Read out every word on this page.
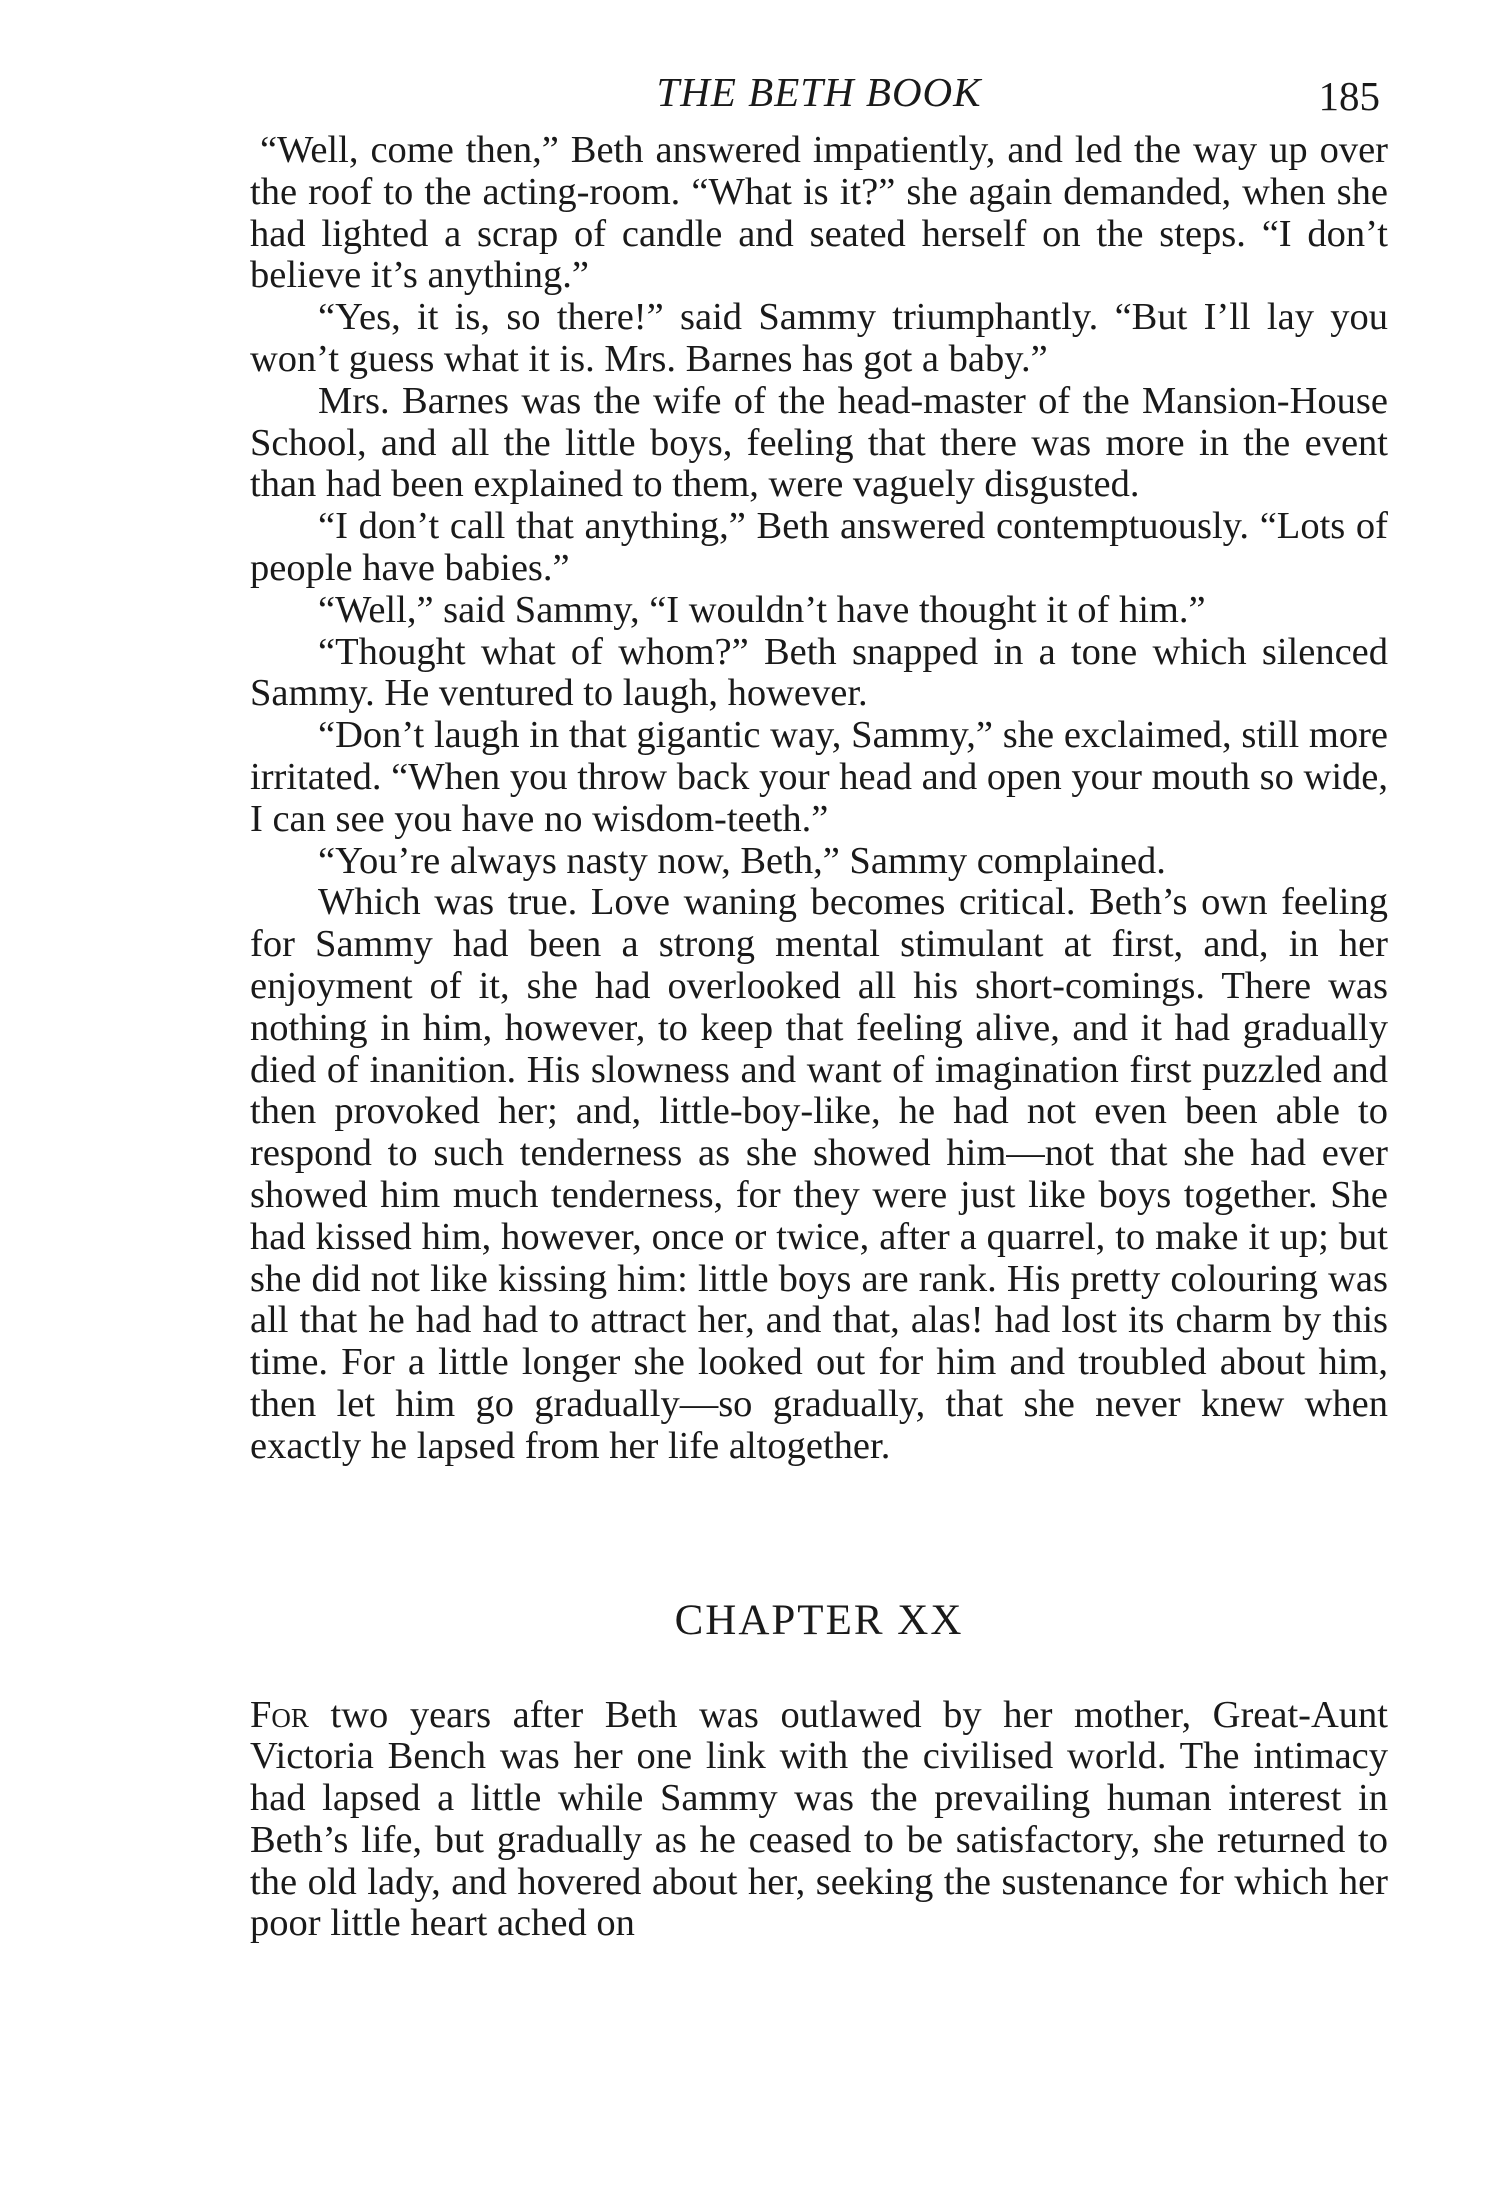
THE BETH BOOK	185

“Well, come then,” Beth answered impatiently, and led the way up over the roof to the acting-room. “What is it?” she again demanded, when she had lighted a scrap of candle and seated herself on the steps. “I don’t believe it’s anything.”

“Yes, it is, so there!” said Sammy triumphantly. “But I’ll lay you won’t guess what it is. Mrs. Barnes has got a baby.”

Mrs. Barnes was the wife of the head-master of the Mansion-House School, and all the little boys, feeling that there was more in the event than had been explained to them, were vaguely disgusted.

“I don’t call that anything,” Beth answered contemptuously. “Lots of people have babies.”

“Well,” said Sammy, “I wouldn’t have thought it of him.”

“Thought what of whom?” Beth snapped in a tone which silenced Sammy. He ventured to laugh, however.

“Don’t laugh in that gigantic way, Sammy,” she exclaimed, still more irritated. “When you throw back your head and open your mouth so wide, I can see you have no wisdom-teeth.”

“You’re always nasty now, Beth,” Sammy complained.

Which was true. Love waning becomes critical. Beth’s own feeling for Sammy had been a strong mental stimulant at first, and, in her enjoyment of it, she had overlooked all his short-comings. There was nothing in him, however, to keep that feeling alive, and it had gradually died of inanition. His slowness and want of imagination first puzzled and then provoked her; and, little-boy-like, he had not even been able to respond to such tenderness as she showed him—not that she had ever showed him much tenderness, for they were just like boys together. She had kissed him, however, once or twice, after a quarrel, to make it up; but she did not like kissing him: little boys are rank. His pretty colouring was all that he had had to attract her, and that, alas! had lost its charm by this time. For a little longer she looked out for him and troubled about him, then let him go gradually—so gradually, that she never knew when exactly he lapsed from her life altogether.

CHAPTER XX

For two years after Beth was outlawed by her mother, Great-Aunt Victoria Bench was her one link with the civilised world. The intimacy had lapsed a little while Sammy was the prevailing human interest in Beth’s life, but gradually as he ceased to be satisfactory, she returned to the old lady, and hovered about her, seeking the sustenance for which her poor little heart ached on
